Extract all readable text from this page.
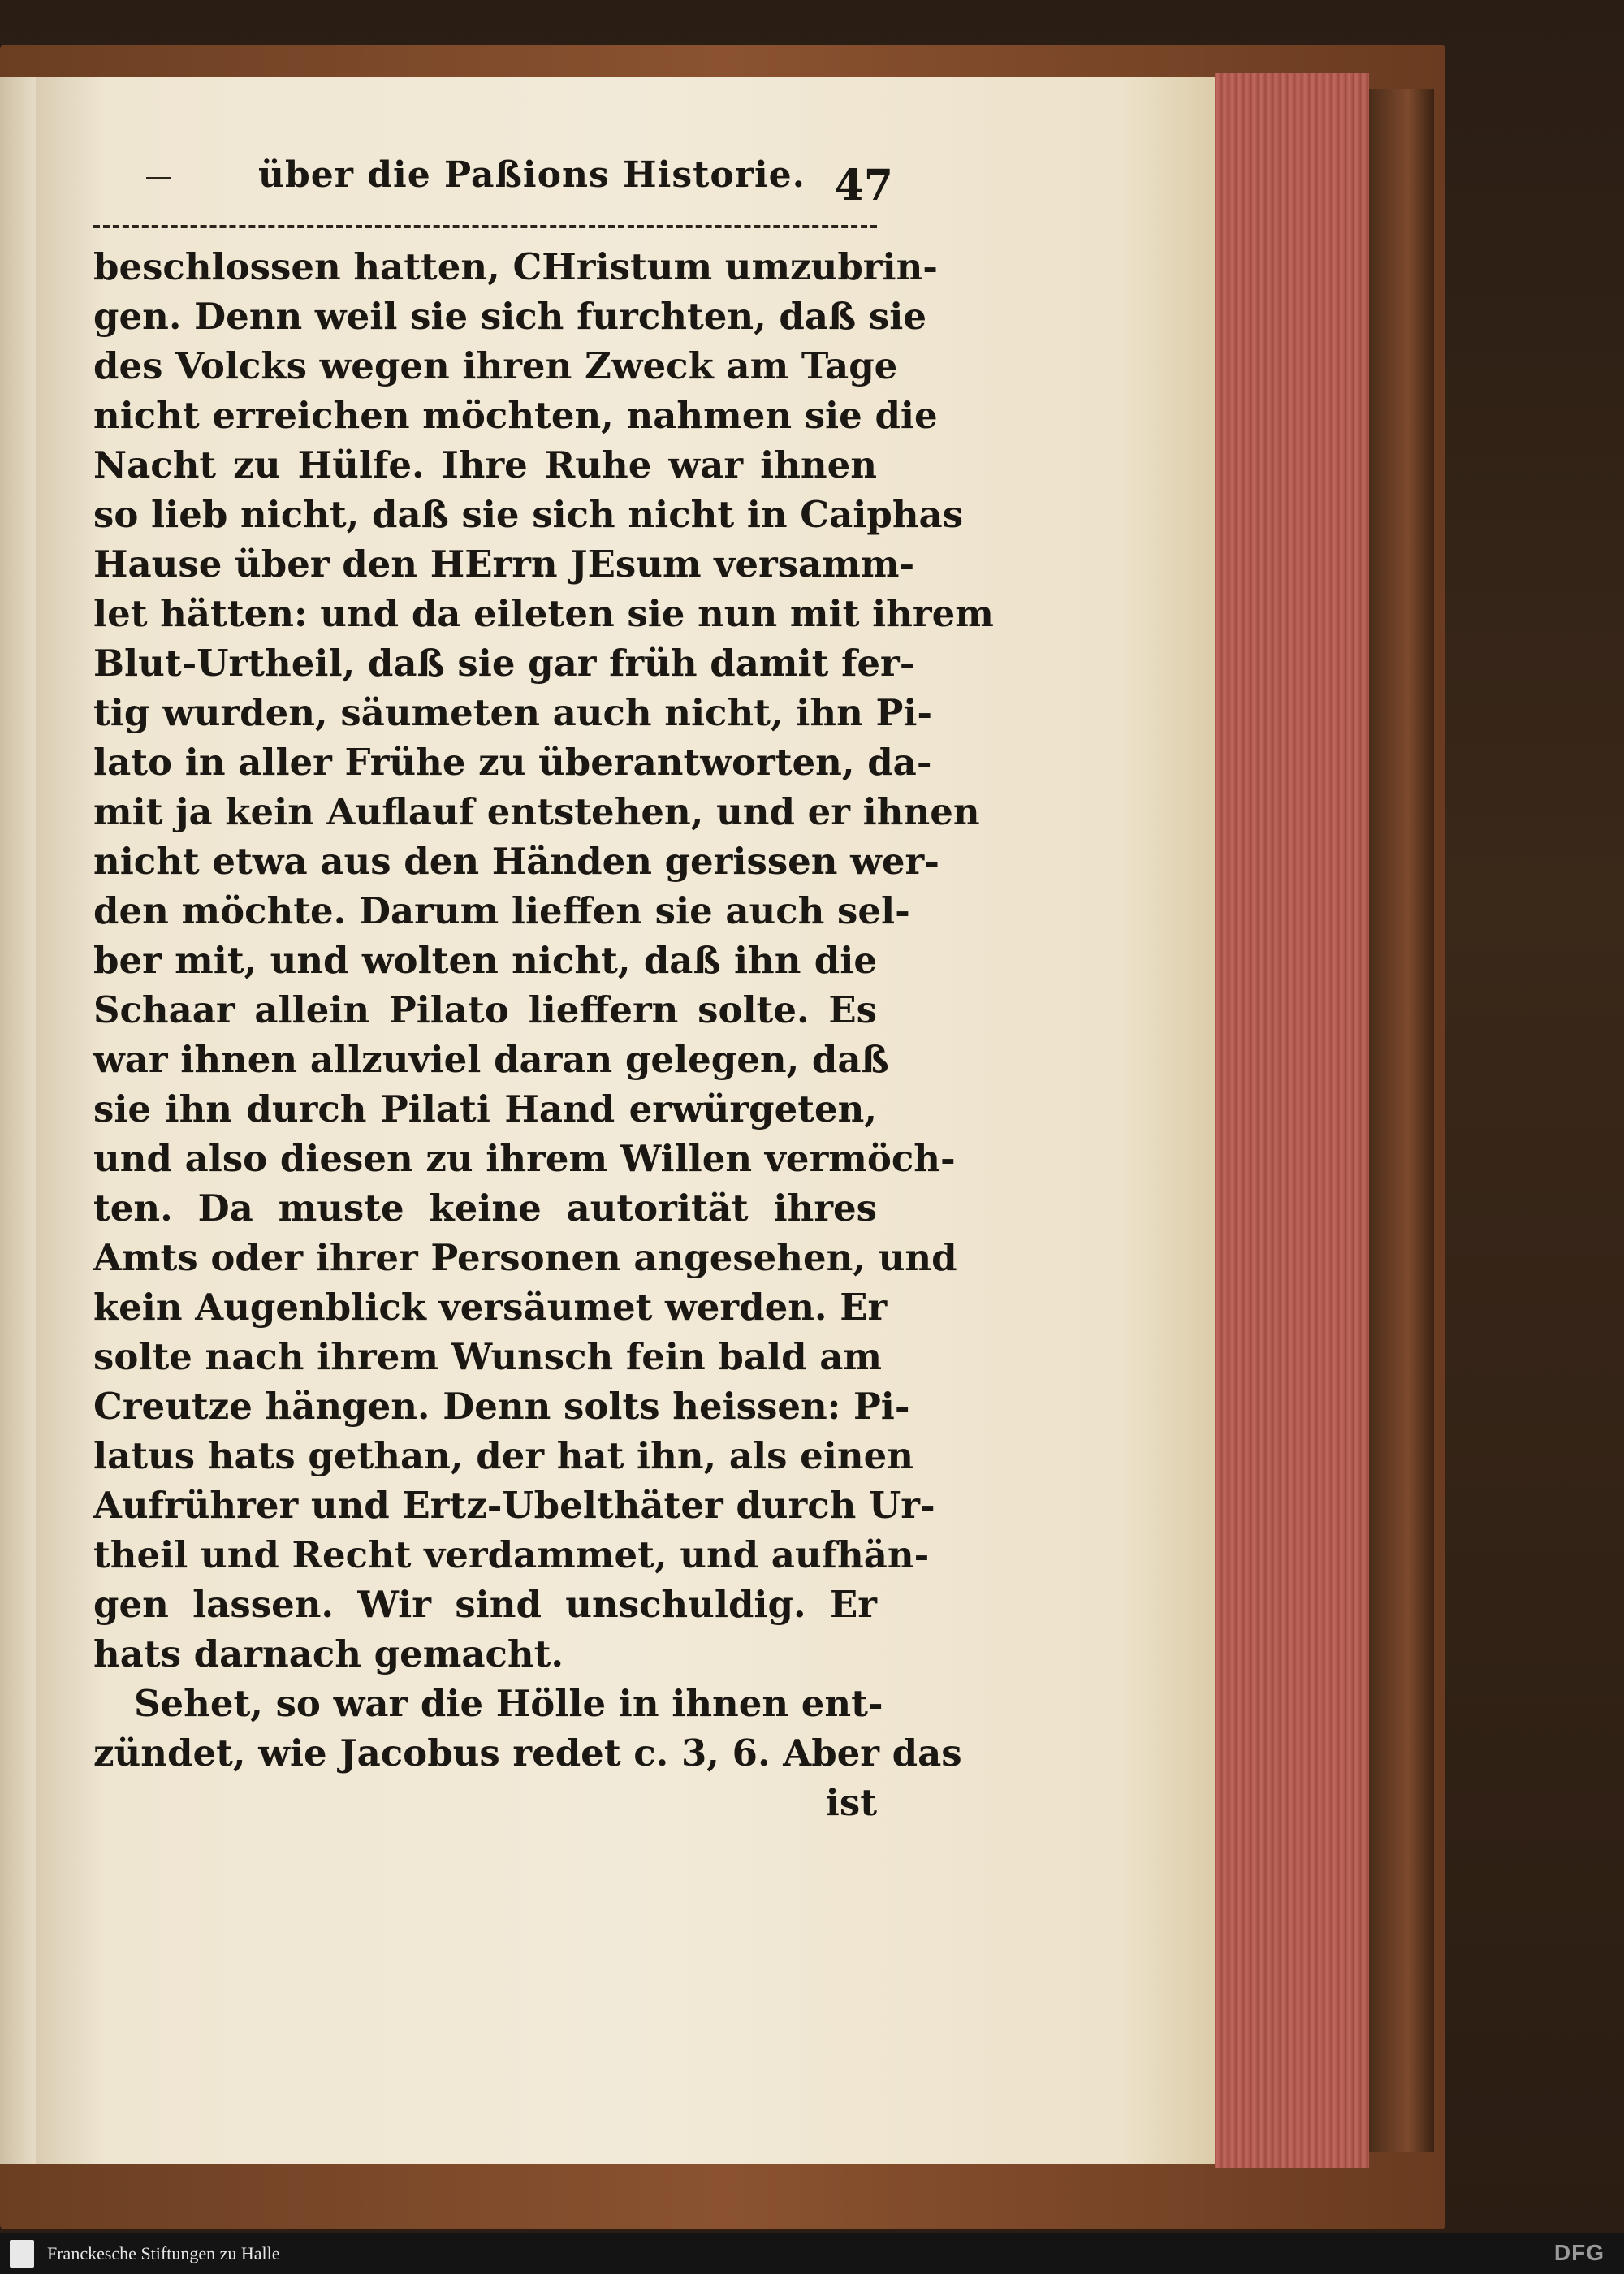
über die Paßions Historie. 47
beschlossen hatten, CHristum umzubrin-
gen. Denn weil sie sich furchten, daß sie
des Volcks wegen ihren Zweck am Tage
nicht erreichen möchten, nahmen sie die
Nacht zu Hülfe. Ihre Ruhe war ihnen
so lieb nicht, daß sie sich nicht in Caiphas
Hause über den HErrn JEsum versamm-
let hätten: und da eileten sie nun mit ihrem
Blut-Urtheil, daß sie gar früh damit fer-
tig wurden, säumeten auch nicht, ihn Pi-
lato in aller Frühe zu überantworten, da-
mit ja kein Auflauf entstehen, und er ihnen
nicht etwa aus den Händen gerissen wer-
den möchte. Darum lieffen sie auch sel-
ber mit, und wolten nicht, daß ihn die
Schaar allein Pilato lieffern solte. Es
war ihnen allzuviel daran gelegen, daß
sie ihn durch Pilati Hand erwürgeten,
und also diesen zu ihrem Willen vermöch-
ten. Da muste keine autorität ihres
Amts oder ihrer Personen angesehen, und
kein Augenblick versäumet werden. Er
solte nach ihrem Wunsch fein bald am
Creutze hängen. Denn solts heissen: Pi-
latus hats gethan, der hat ihn, als einen
Aufrührer und Ertz-Ubelthäter durch Ur-
theil und Recht verdammet, und aufhän-
gen lassen. Wir sind unschuldig. Er
hats darnach gemacht.
Sehet, so war die Hölle in ihnen ent-
zündet, wie Jacobus redet c. 3, 6. Aber das
ist
Franckesche Stiftungen zu Halle	DFG
